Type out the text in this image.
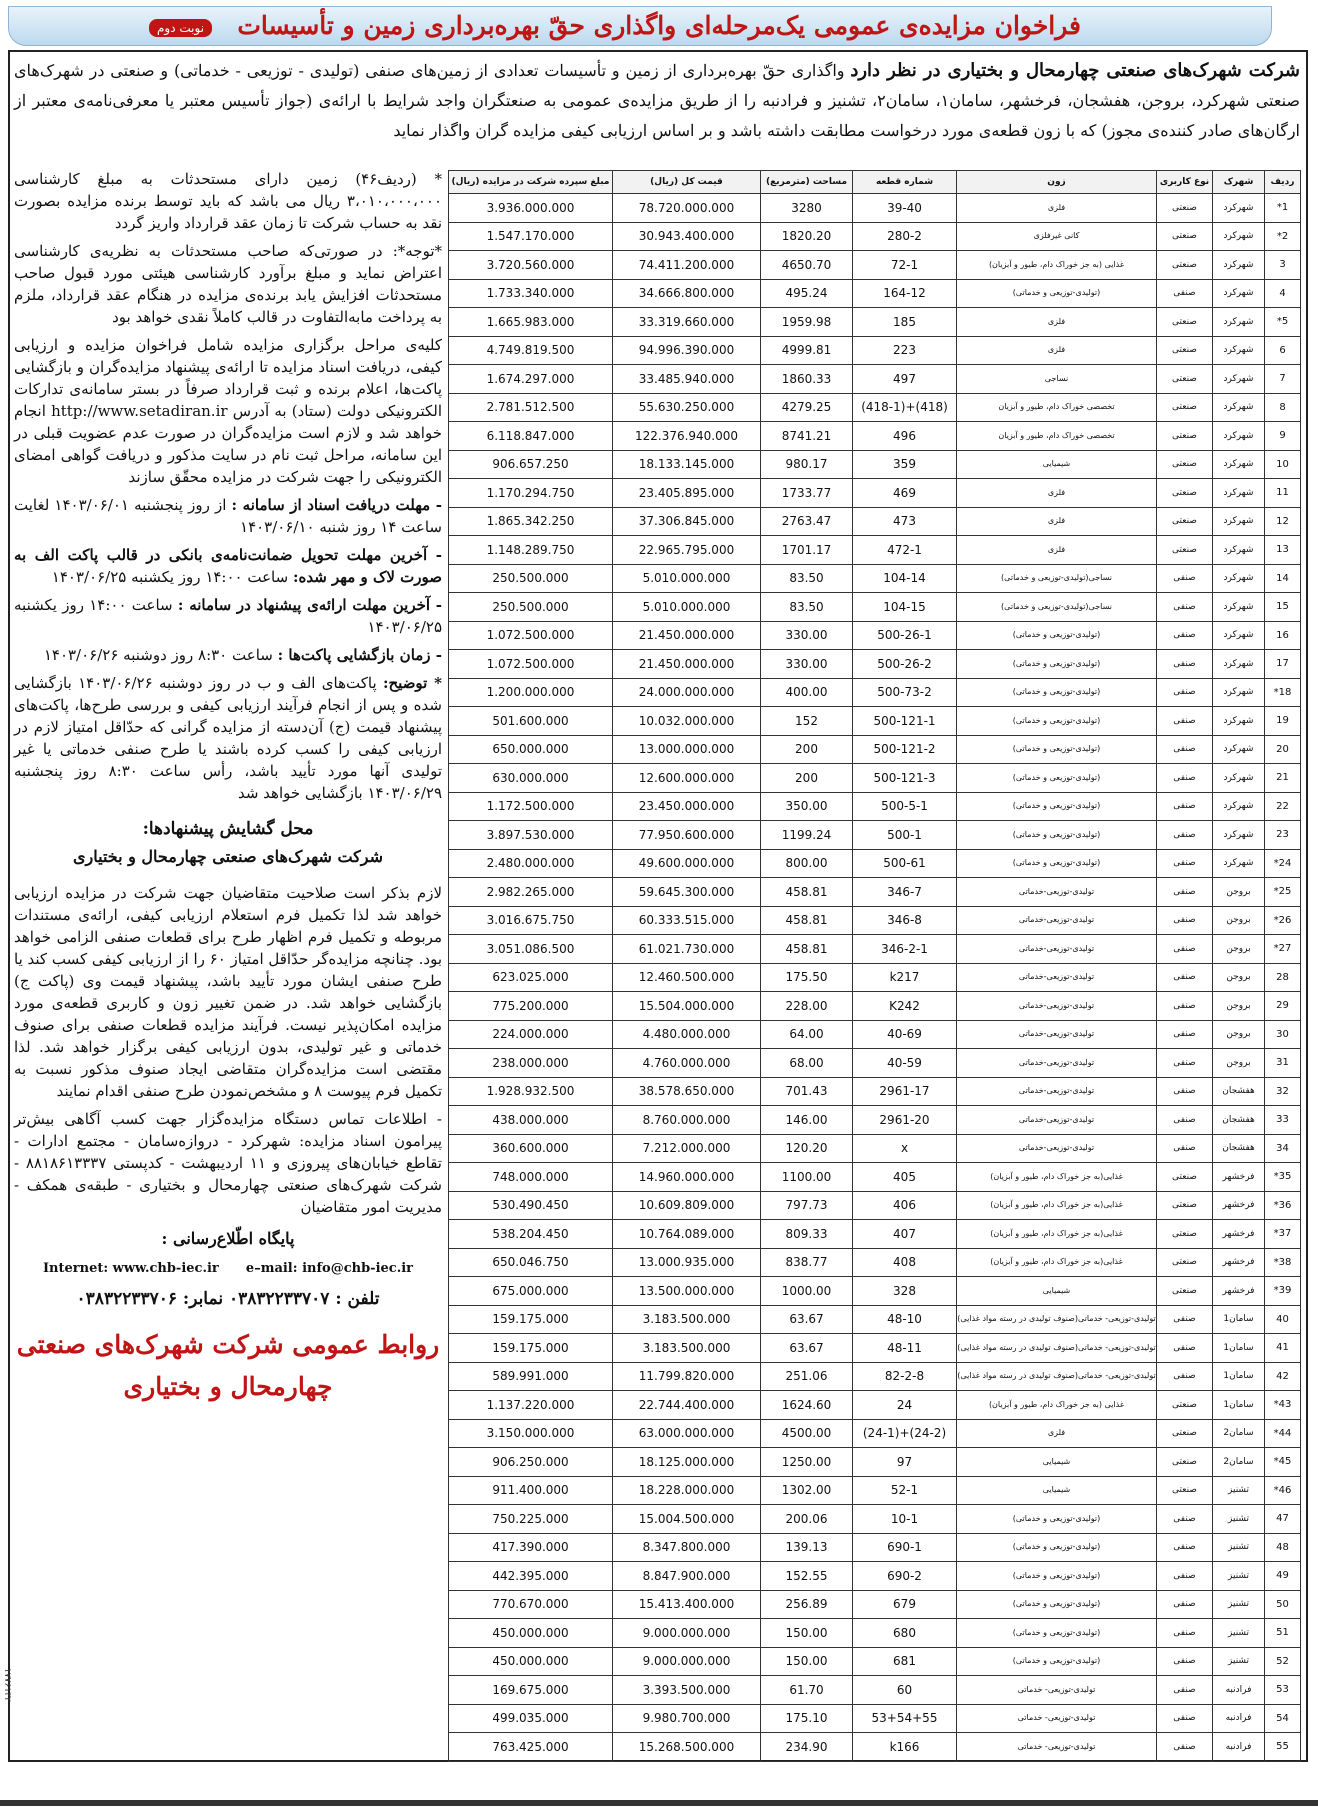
فراخوان مزایده‌ی عمومی یک‌مرحله‌ای واگذاری حقّ بهره‌برداری زمین و تأسیسات
نوبت دوم
شرکت شهرک‌های صنعتی چهارمحال و بختیاری در نظر دارد واگذاری حقّ بهره‌برداری از زمین و تأسیسات تعدادی از زمین‌های صنفی (تولیدی - توزیعی - خدماتی) و صنعتی در شهرک‌های صنعتی شهرکرد، بروجن، هفشجان، فرخشهر، سامان۱، سامان۲، تشنیز و فرادنبه را از طریق مزایده‌ی عمومی به صنعتگران واجد شرایط با ارائه‌ی (جواز تأسیس معتبر یا معرفی‌نامه‌ی معتبر از ارگان‌های صادر کننده‌ی مجوز) که با زون قطعه‌ی مورد درخواست مطابقت داشته باشد و بر اساس ارزیابی کیفی مزایده گران واگذار نماید

* (ردیف۴۶) زمین دارای مستحدثات به مبلغ کارشناسی ۳،۰۱۰،۰۰۰،۰۰۰ ریال می باشد که باید توسط برنده مزایده بصورت نقد به حساب شرکت تا زمان عقد قرارداد واریز گردد

*توجه*: در صورتی‌که صاحب مستحدثات به نظریه‌ی کارشناسی اعتراض نماید و مبلغ برآورد کارشناسی هیئتی مورد قبول صاحب مستحدثات افزایش یابد برنده‌ی مزایده در هنگام عقد قرارداد، ملزم به پرداخت مابه‌التفاوت در قالب کاملاً نقدی خواهد بود

کلیه‌ی مراحل برگزاری مزایده شامل فراخوان مزایده و ارزیابی کیفی، دریافت اسناد مزایده تا ارائه‌ی پیشنهاد مزایده‌گران و بازگشایی پاکت‌ها، اعلام برنده و ثبت قرارداد صرفاً در بستر سامانه‌ی تدارکات الکترونیکی دولت (ستاد) به آدرس http://www.setadiran.ir انجام خواهد شد و لازم است مزایده‌گران در صورت عدم عضویت قبلی در این سامانه، مراحل ثبت نام در سایت مذکور و دریافت گواهی امضای الکترونیکی را جهت شرکت در مزایده محقّق سازند

- مهلت دریافت اسناد از سامانه : از روز پنجشنبه ۱۴۰۳/۰۶/۰۱ لغایت ساعت ۱۴ روز شنبه ۱۴۰۳/۰۶/۱۰

- آخرین مهلت تحویل ضمانت‌نامه‌ی بانکی در قالب پاکت الف به صورت لاک و مهر شده: ساعت ۱۴:۰۰ روز یکشنبه ۱۴۰۳/۰۶/۲۵

- آخرین مهلت ارائه‌ی پیشنهاد در سامانه : ساعت ۱۴:۰۰ روز یکشنبه ۱۴۰۳/۰۶/۲۵

- زمان بازگشایی پاکت‌ها : ساعت ۸:۳۰ روز دوشنبه ۱۴۰۳/۰۶/۲۶

* توضیح: پاکت‌های الف و ب در روز دوشنبه ۱۴۰۳/۰۶/۲۶ بازگشایی شده و پس از انجام فرآیند ارزیابی کیفی و بررسی طرح‌ها، پاکت‌های پیشنهاد قیمت (ج) آن‌دسته از مزایده گرانی که حدّاقل امتیاز لازم در ارزیابی کیفی را کسب کرده باشند یا طرح صنفی خدماتی یا غیر تولیدی آنها مورد تأیید باشد، رأس ساعت ۸:۳۰ روز پنجشنبه ۱۴۰۳/۰۶/۲۹ بازگشایی خواهد شد

محل گشایش پیشنهادها:

شرکت شهرک‌های صنعتی چهارمحال و بختیاری

لازم بذکر است صلاحیت متقاضیان جهت شرکت در مزایده ارزیابی خواهد شد لذا تکمیل فرم استعلام ارزیابی کیفی، ارائه‌ی مستندات مربوطه و تکمیل فرم اظهار طرح برای قطعات صنفی الزامی خواهد بود. چنانچه مزایده‌گر حدّاقل امتیاز ۶۰ را از ارزیابی کیفی کسب کند یا طرح صنفی ایشان مورد تأیید باشد، پیشنهاد قیمت وی (پاکت ج) بازگشایی خواهد شد. در ضمن تغییر زون و کاربری قطعه‌ی مورد مزایده امکان‌پذیر نیست. فرآیند مزایده قطعات صنفی برای صنوف خدماتی و غیر تولیدی، بدون ارزیابی کیفی برگزار خواهد شد. لذا مقتضی است مزایده‌گران متقاضی ایجاد صنوف مذکور نسبت به تکمیل فرم پیوست ۸ و مشخص‌نمودن طرح صنفی اقدام نمایند

- اطلاعات تماس دستگاه مزایده‌گزار جهت کسب آگاهی بیش‌تر پیرامون اسناد مزایده: شهرکرد - دروازه‌سامان - مجتمع ادارات - تقاطع خیابان‌های پیروزی و ۱۱ اردیبهشت - کدپستی ۸۸۱۸۶۱۳۳۳۷ - شرکت شهرک‌های صنعتی چهارمحال و بختیاری - طبقه‌ی همکف - مدیریت امور متقاضیان

پایگاه اطّلاع‌رسانی :

Internet: www.chb-iec.ir e–mail: info@chb-iec.ir
تلفن : ۰۳۸۳۲۲۳۳۷۰۷ نمابر: ۰۳۸۳۲۲۳۳۷۰۶
روابط عمومی شرکت شهرک‌های صنعتی
چهارمحال و بختیاری
۱۷۷۶۱۳۲
ردیف	شهرک	نوع کاربری	زون	شماره قطعه	مساحت (مترمربع)	قیمت کل (ریال)	مبلغ سپرده شرکت در مزایده (ریال)
1*	شهرکرد	صنعتی	فلزی	39-40	3280	78.720.000.000	3.936.000.000
2*	شهرکرد	صنعتی	کانی غیرفلزی	280-2	1820.20	30.943.400.000	1.547.170.000
3	شهرکرد	صنعتی	غذایی (به جز خوراک دام، طیور و آبزیان)	72-1	4650.70	74.411.200.000	3.720.560.000
4	شهرکرد	صنفی	(تولیدی-توزیعی و خدماتی)	164-12	495.24	34.666.800.000	1.733.340.000
5*	شهرکرد	صنعتی	فلزی	185	1959.98	33.319.660.000	1.665.983.000
6	شهرکرد	صنعتی	فلزی	223	4999.81	94.996.390.000	4.749.819.500
7	شهرکرد	صنعتی	نساجی	497	1860.33	33.485.940.000	1.674.297.000
8	شهرکرد	صنعتی	تخصصی خوراک دام، طیور و آبزیان	(418-1)+(418)	4279.25	55.630.250.000	2.781.512.500
9	شهرکرد	صنعتی	تخصصی خوراک دام، طیور و آبزیان	496	8741.21	122.376.940.000	6.118.847.000
10	شهرکرد	صنعتی	شیمیایی	359	980.17	18.133.145.000	906.657.250
11	شهرکرد	صنعتی	فلزی	469	1733.77	23.405.895.000	1.170.294.750
12	شهرکرد	صنعتی	فلزی	473	2763.47	37.306.845.000	1.865.342.250
13	شهرکرد	صنعتی	فلزی	472-1	1701.17	22.965.795.000	1.148.289.750
14	شهرکرد	صنفی	نساجی(تولیدی-توزیعی و خدماتی)	104-14	83.50	5.010.000.000	250.500.000
15	شهرکرد	صنفی	نساجی(تولیدی-توزیعی و خدماتی)	104-15	83.50	5.010.000.000	250.500.000
16	شهرکرد	صنفی	(تولیدی-توزیعی و خدماتی)	500-26-1	330.00	21.450.000.000	1.072.500.000
17	شهرکرد	صنفی	(تولیدی-توزیعی و خدماتی)	500-26-2	330.00	21.450.000.000	1.072.500.000
18*	شهرکرد	صنفی	(تولیدی-توزیعی و خدماتی)	500-73-2	400.00	24.000.000.000	1.200.000.000
19	شهرکرد	صنفی	(تولیدی-توزیعی و خدماتی)	500-121-1	152	10.032.000.000	501.600.000
20	شهرکرد	صنفی	(تولیدی-توزیعی و خدماتی)	500-121-2	200	13.000.000.000	650.000.000
21	شهرکرد	صنفی	(تولیدی-توزیعی و خدماتی)	500-121-3	200	12.600.000.000	630.000.000
22	شهرکرد	صنفی	(تولیدی-توزیعی و خدماتی)	500-5-1	350.00	23.450.000.000	1.172.500.000
23	شهرکرد	صنفی	(تولیدی-توزیعی و خدماتی)	500-1	1199.24	77.950.600.000	3.897.530.000
24*	شهرکرد	صنفی	(تولیدی-توزیعی و خدماتی)	500-61	800.00	49.600.000.000	2.480.000.000
25*	بروجن	صنفی	تولیدی-توزیعی-خدماتی	346-7	458.81	59.645.300.000	2.982.265.000
26*	بروجن	صنفی	تولیدی-توزیعی-خدماتی	346-8	458.81	60.333.515.000	3.016.675.750
27*	بروجن	صنفی	تولیدی-توزیعی-خدماتی	346-2-1	458.81	61.021.730.000	3.051.086.500
28	بروجن	صنفی	تولیدی-توزیعی-خدماتی	k217	175.50	12.460.500.000	623.025.000
29	بروجن	صنفی	تولیدی-توزیعی-خدماتی	K242	228.00	15.504.000.000	775.200.000
30	بروجن	صنفی	تولیدی-توزیعی-خدماتی	40-69	64.00	4.480.000.000	224.000.000
31	بروجن	صنفی	تولیدی-توزیعی-خدماتی	40-59	68.00	4.760.000.000	238.000.000
32	هفشجان	صنفی	تولیدی-توزیعی-خدماتی	2961-17	701.43	38.578.650.000	1.928.932.500
33	هفشجان	صنفی	تولیدی-توزیعی-خدماتی	2961-20	146.00	8.760.000.000	438.000.000
34	هفشجان	صنفی	تولیدی-توزیعی-خدماتی	x	120.20	7.212.000.000	360.600.000
35*	فرخشهر	صنعتی	غذایی(به جز خوراک دام، طیور و آبزیان)	405	1100.00	14.960.000.000	748.000.000
36*	فرخشهر	صنعتی	غذایی(به جز خوراک دام، طیور و آبزیان)	406	797.73	10.609.809.000	530.490.450
37*	فرخشهر	صنعتی	غذایی(به جز خوراک دام، طیور و آبزیان)	407	809.33	10.764.089.000	538.204.450
38*	فرخشهر	صنعتی	غذایی(به جز خوراک دام، طیور و آبزیان)	408	838.77	13.000.935.000	650.046.750
39*	فرخشهر	صنعتی	شیمیایی	328	1000.00	13.500.000.000	675.000.000
40	سامان1	صنفی	تولیدی-توزیعی- خدماتی(صنوف تولیدی در رسته مواد غذایی)	48-10	63.67	3.183.500.000	159.175.000
41	سامان1	صنفی	تولیدی-توزیعی- خدماتی(صنوف تولیدی در رسته مواد غذایی)	48-11	63.67	3.183.500.000	159.175.000
42	سامان1	صنفی	تولیدی-توزیعی- خدماتی(صنوف تولیدی در رسته مواد غذایی)	82-2-8	251.06	11.799.820.000	589.991.000
43*	سامان1	صنعتی	غذایی (به جز خوراک دام، طیور و آبزیان)	24	1624.60	22.744.400.000	1.137.220.000
44*	سامان2	صنعتی	فلزی	(24-1)+(24-2)	4500.00	63.000.000.000	3.150.000.000
45*	سامان2	صنعتی	شیمیایی	97	1250.00	18.125.000.000	906.250.000
46*	تشنیز	صنعتی	شیمیایی	52-1	1302.00	18.228.000.000	911.400.000
47	تشنیز	صنفی	(تولیدی-توزیعی و خدماتی)	10-1	200.06	15.004.500.000	750.225.000
48	تشنیز	صنفی	(تولیدی-توزیعی و خدماتی)	690-1	139.13	8.347.800.000	417.390.000
49	تشنیز	صنفی	(تولیدی-توزیعی و خدماتی)	690-2	152.55	8.847.900.000	442.395.000
50	تشنیز	صنفی	(تولیدی-توزیعی و خدماتی)	679	256.89	15.413.400.000	770.670.000
51	تشنیز	صنفی	(تولیدی-توزیعی و خدماتی)	680	150.00	9.000.000.000	450.000.000
52	تشنیز	صنفی	(تولیدی-توزیعی و خدماتی)	681	150.00	9.000.000.000	450.000.000
53	فرادنبه	صنفی	تولیدی-توزیعی- خدماتی	60	61.70	3.393.500.000	169.675.000
54	فرادنبه	صنفی	تولیدی-توزیعی- خدماتی	53+54+55	175.10	9.980.700.000	499.035.000
55	فرادنبه	صنفی	تولیدی-توزیعی- خدماتی	k166	234.90	15.268.500.000	763.425.000
